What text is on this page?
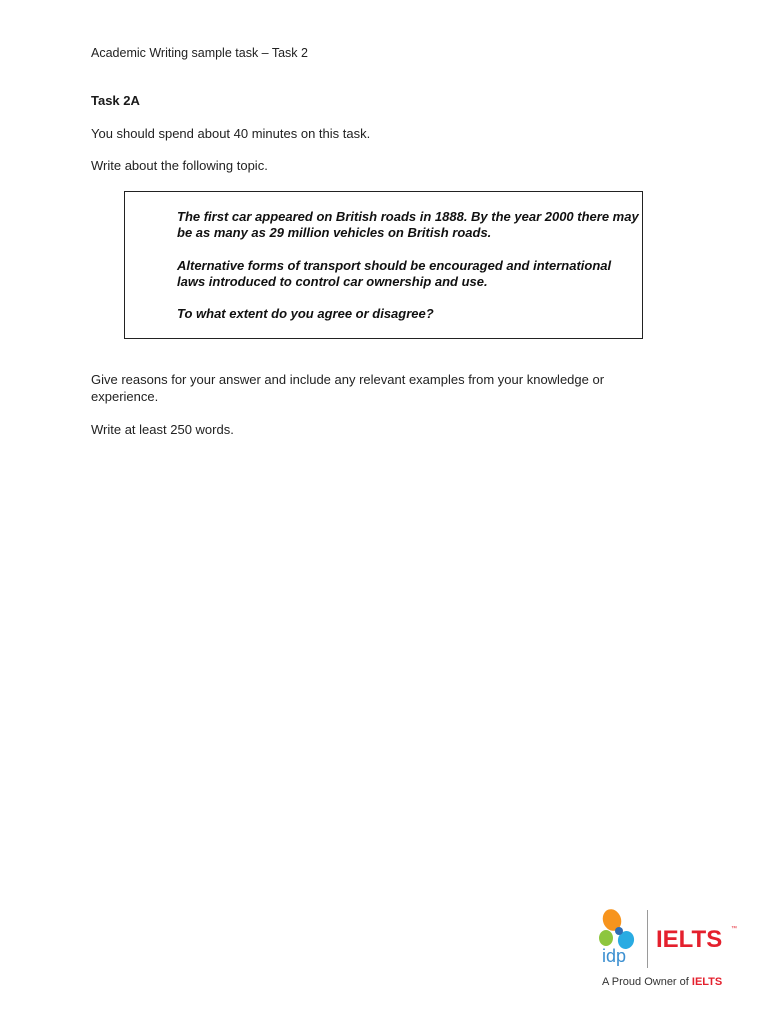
Academic Writing sample task – Task 2
Task 2A
You should spend about 40 minutes on this task.
Write about the following topic.
The first car appeared on British roads in 1888. By the year 2000 there may be as many as 29 million vehicles on British roads.
Alternative forms of transport should be encouraged and international laws introduced to control car ownership and use.
To what extent do you agree or disagree?
Give reasons for your answer and include any relevant examples from your knowledge or experience.
Write at least 250 words.
idp
IELTS ™
A Proud Owner of IELTS
